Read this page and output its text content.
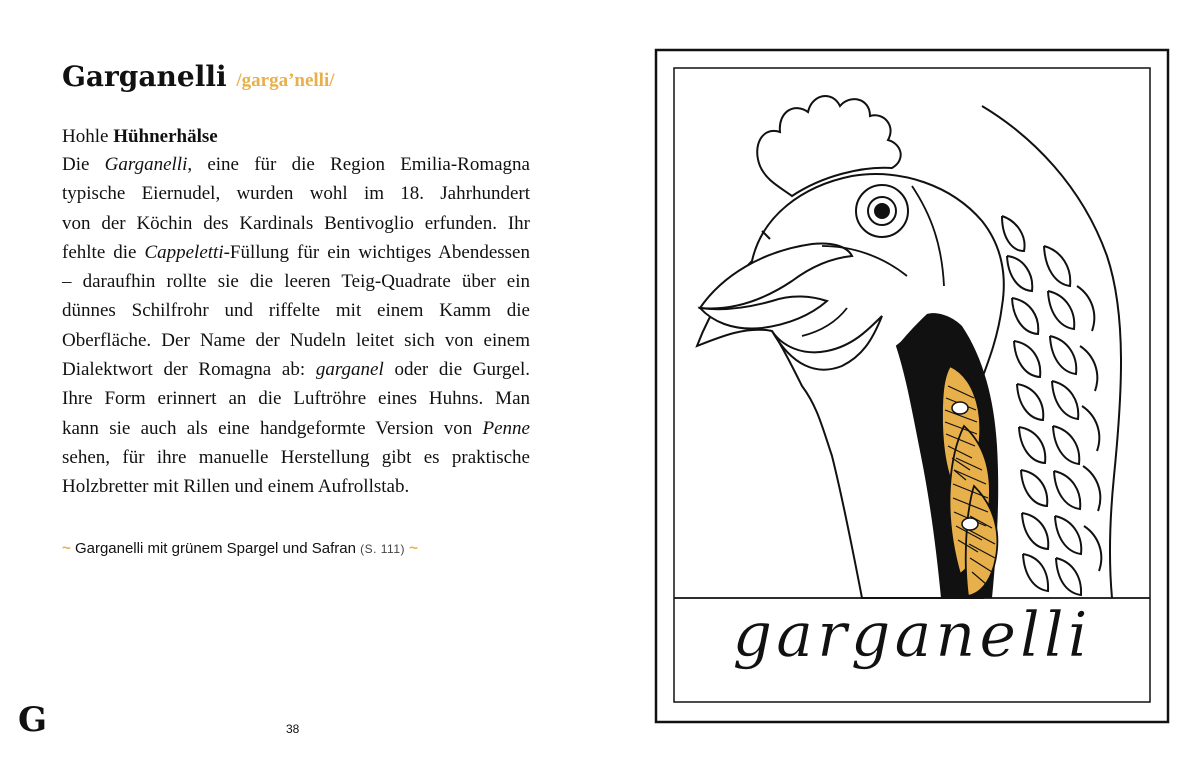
Garganelli /garga’nelli/
Hohle Hühnerhälse
Die Garganelli, eine für die Region Emilia-Romagna
typische Eiernudel, wurden wohl im 18. Jahrhundert
von der Köchin des Kardinals Bentivoglio erfunden. Ihr
fehlte die Cappeletti-Füllung für ein wichtiges Abendessen
– daraufhin rollte sie die leeren Teig-Quadrate über ein
dünnes Schilfrohr und riffelte mit einem Kamm die
Oberfläche. Der Name der Nudeln leitet sich von einem
Dialektwort der Romagna ab: garganel oder die Gurgel.
Ihre Form erinnert an die Luftröhre eines Huhns. Man
kann sie auch als eine handgeformte Version von Penne
sehen, für ihre manuelle Herstellung gibt es praktische
Holzbretter mit Rillen und einem Aufrollstab.
~ Garganelli mit grünem Spargel und Safran (S. 111) ~
G	38
garganelli
